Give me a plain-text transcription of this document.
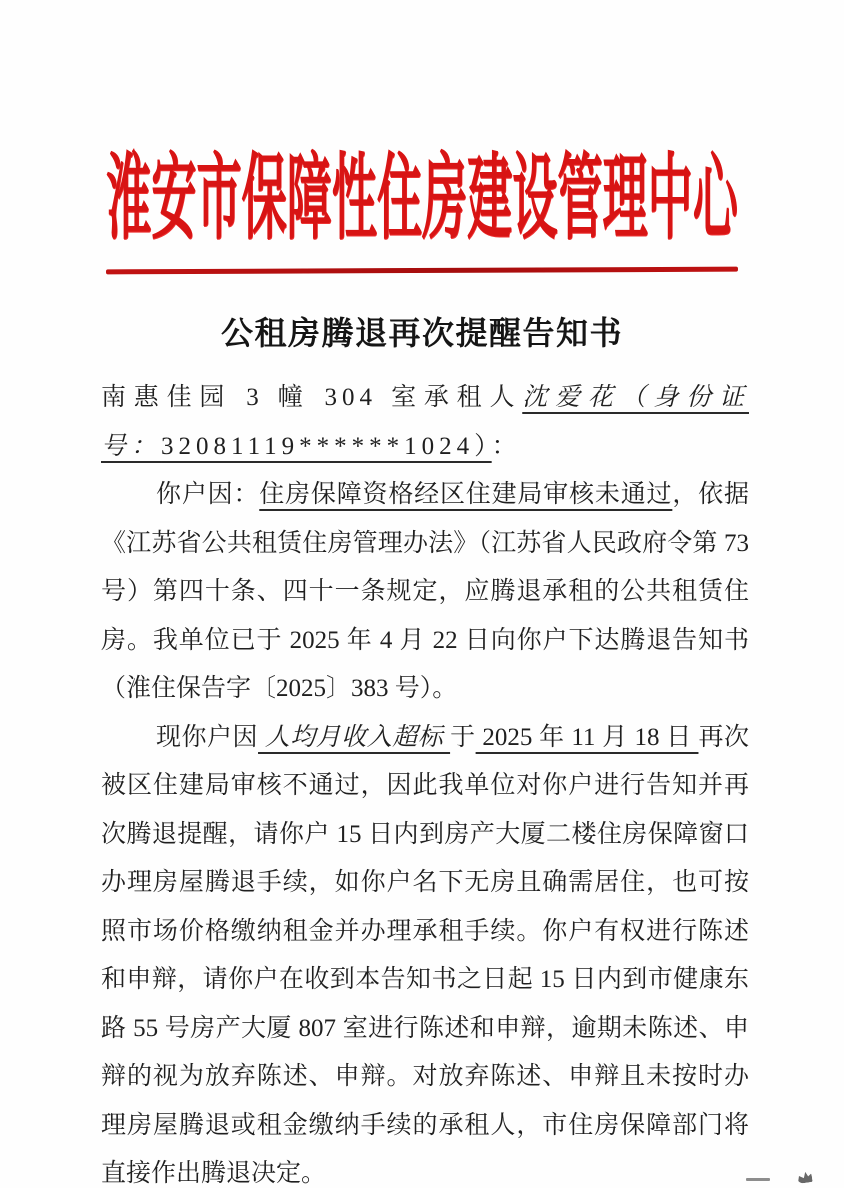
淮安市保障性住房建设管理中心
公租房腾退再次提醒告知书

南惠佳园 3 幢 304 室承租人沈爱花（身份证号：32081119******1024）：

你户因：住房保障资格经区住建局审核未通过，依据《江苏省公共租赁住房管理办法》（江苏省人民政府令第 73 号）第四十条、四十一条规定，应腾退承租的公共租赁住房。我单位已于 2025 年 4 月 22 日向你户下达腾退告知书（淮住保告字〔2025〕383 号）。

现你户因 人均月收入超标 于 2025 年 11 月 18 日 再次被区住建局审核不通过，因此我单位对你户进行告知并再次腾退提醒，请你户 15 日内到房产大厦二楼住房保障窗口办理房屋腾退手续，如你户名下无房且确需居住，也可按照市场价格缴纳租金并办理承租手续。你户有权进行陈述和申辩，请你户在收到本告知书之日起 15 日内到市健康东路 55 号房产大厦 807 室进行陈述和申辩，逾期未陈述、申辩的视为放弃陈述、申辩。对放弃陈述、申辩且未按时办理房屋腾退或租金缴纳手续的承租人，市住房保障部门将直接作出腾退决定。
